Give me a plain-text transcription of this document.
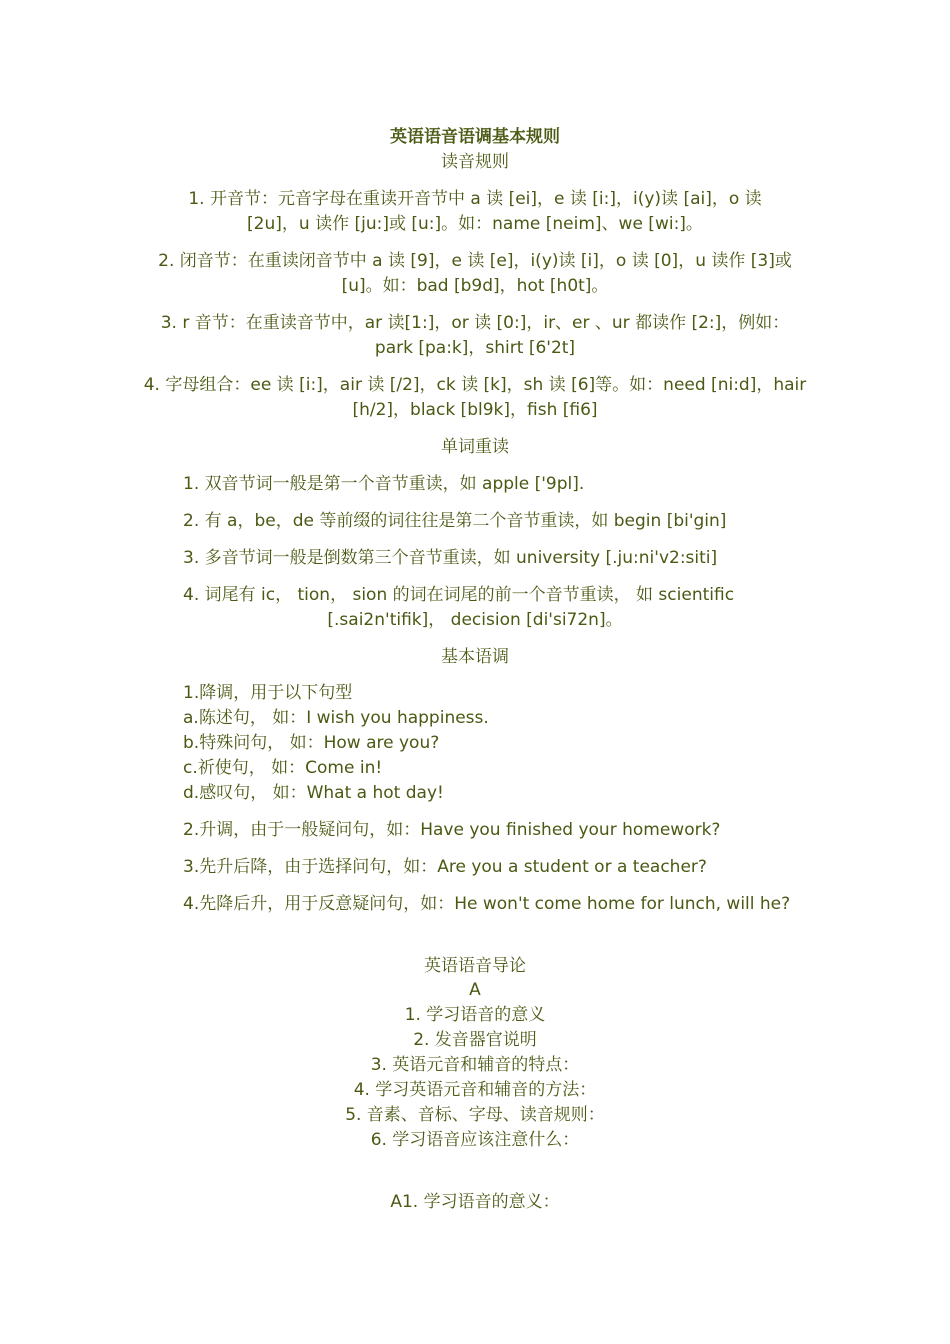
英语语音语调基本规则
读音规则
1. 开音节：元音字母在重读开音节中 a 读 [ei]，e 读 [i:]，i(y)读 [ai]，o 读
[2u]，u 读作 [ju:]或 [u:]。如：name [neim]、we [wi:]。
2. 闭音节：在重读闭音节中 a 读 [9]，e 读 [e]，i(y)读 [i]，o 读 [0]，u 读作 [3]或
[u]。如：bad [b9d]，hot [h0t]。
3. r 音节：在重读音节中，ar 读[1:]，or 读 [0:]，ir、er 、ur 都读作 [2:]，例如：
park [pa:k]，shirt [6'2t]
4. 字母组合：ee 读 [i:]，air 读 [/2]，ck 读 [k]，sh 读 [6]等。如：need [ni:d]，hair
[h/2]，black [bl9k]，fish [fi6]
单词重读
1. 双音节词一般是第一个音节重读，如 apple ['9pl].
2. 有 a，be，de 等前缀的词往往是第二个音节重读，如 begin [bi'gin]
3. 多音节词一般是倒数第三个音节重读，如 university [.ju:ni'v2:siti]
4. 词尾有 ic， tion， sion 的词在词尾的前一个音节重读， 如 scientific
[.sai2n'tifik]， decision [di'si72n]。
基本语调
1.降调，用于以下句型
a.陈述句， 如：I wish you happiness.
b.特殊问句， 如：How are you?
c.祈使句， 如：Come in!
d.感叹句， 如：What a hot day!
2.升调，由于一般疑问句，如：Have you finished your homework?
3.先升后降，由于选择问句，如：Are you a student or a teacher?
4.先降后升，用于反意疑问句，如：He won't come home for lunch, will he?
英语语音导论
A
1. 学习语音的意义
2. 发音器官说明
3. 英语元音和辅音的特点：
4. 学习英语元音和辅音的方法：
5. 音素、音标、字母、读音规则：
6. 学习语音应该注意什么：
A1. 学习语音的意义：
